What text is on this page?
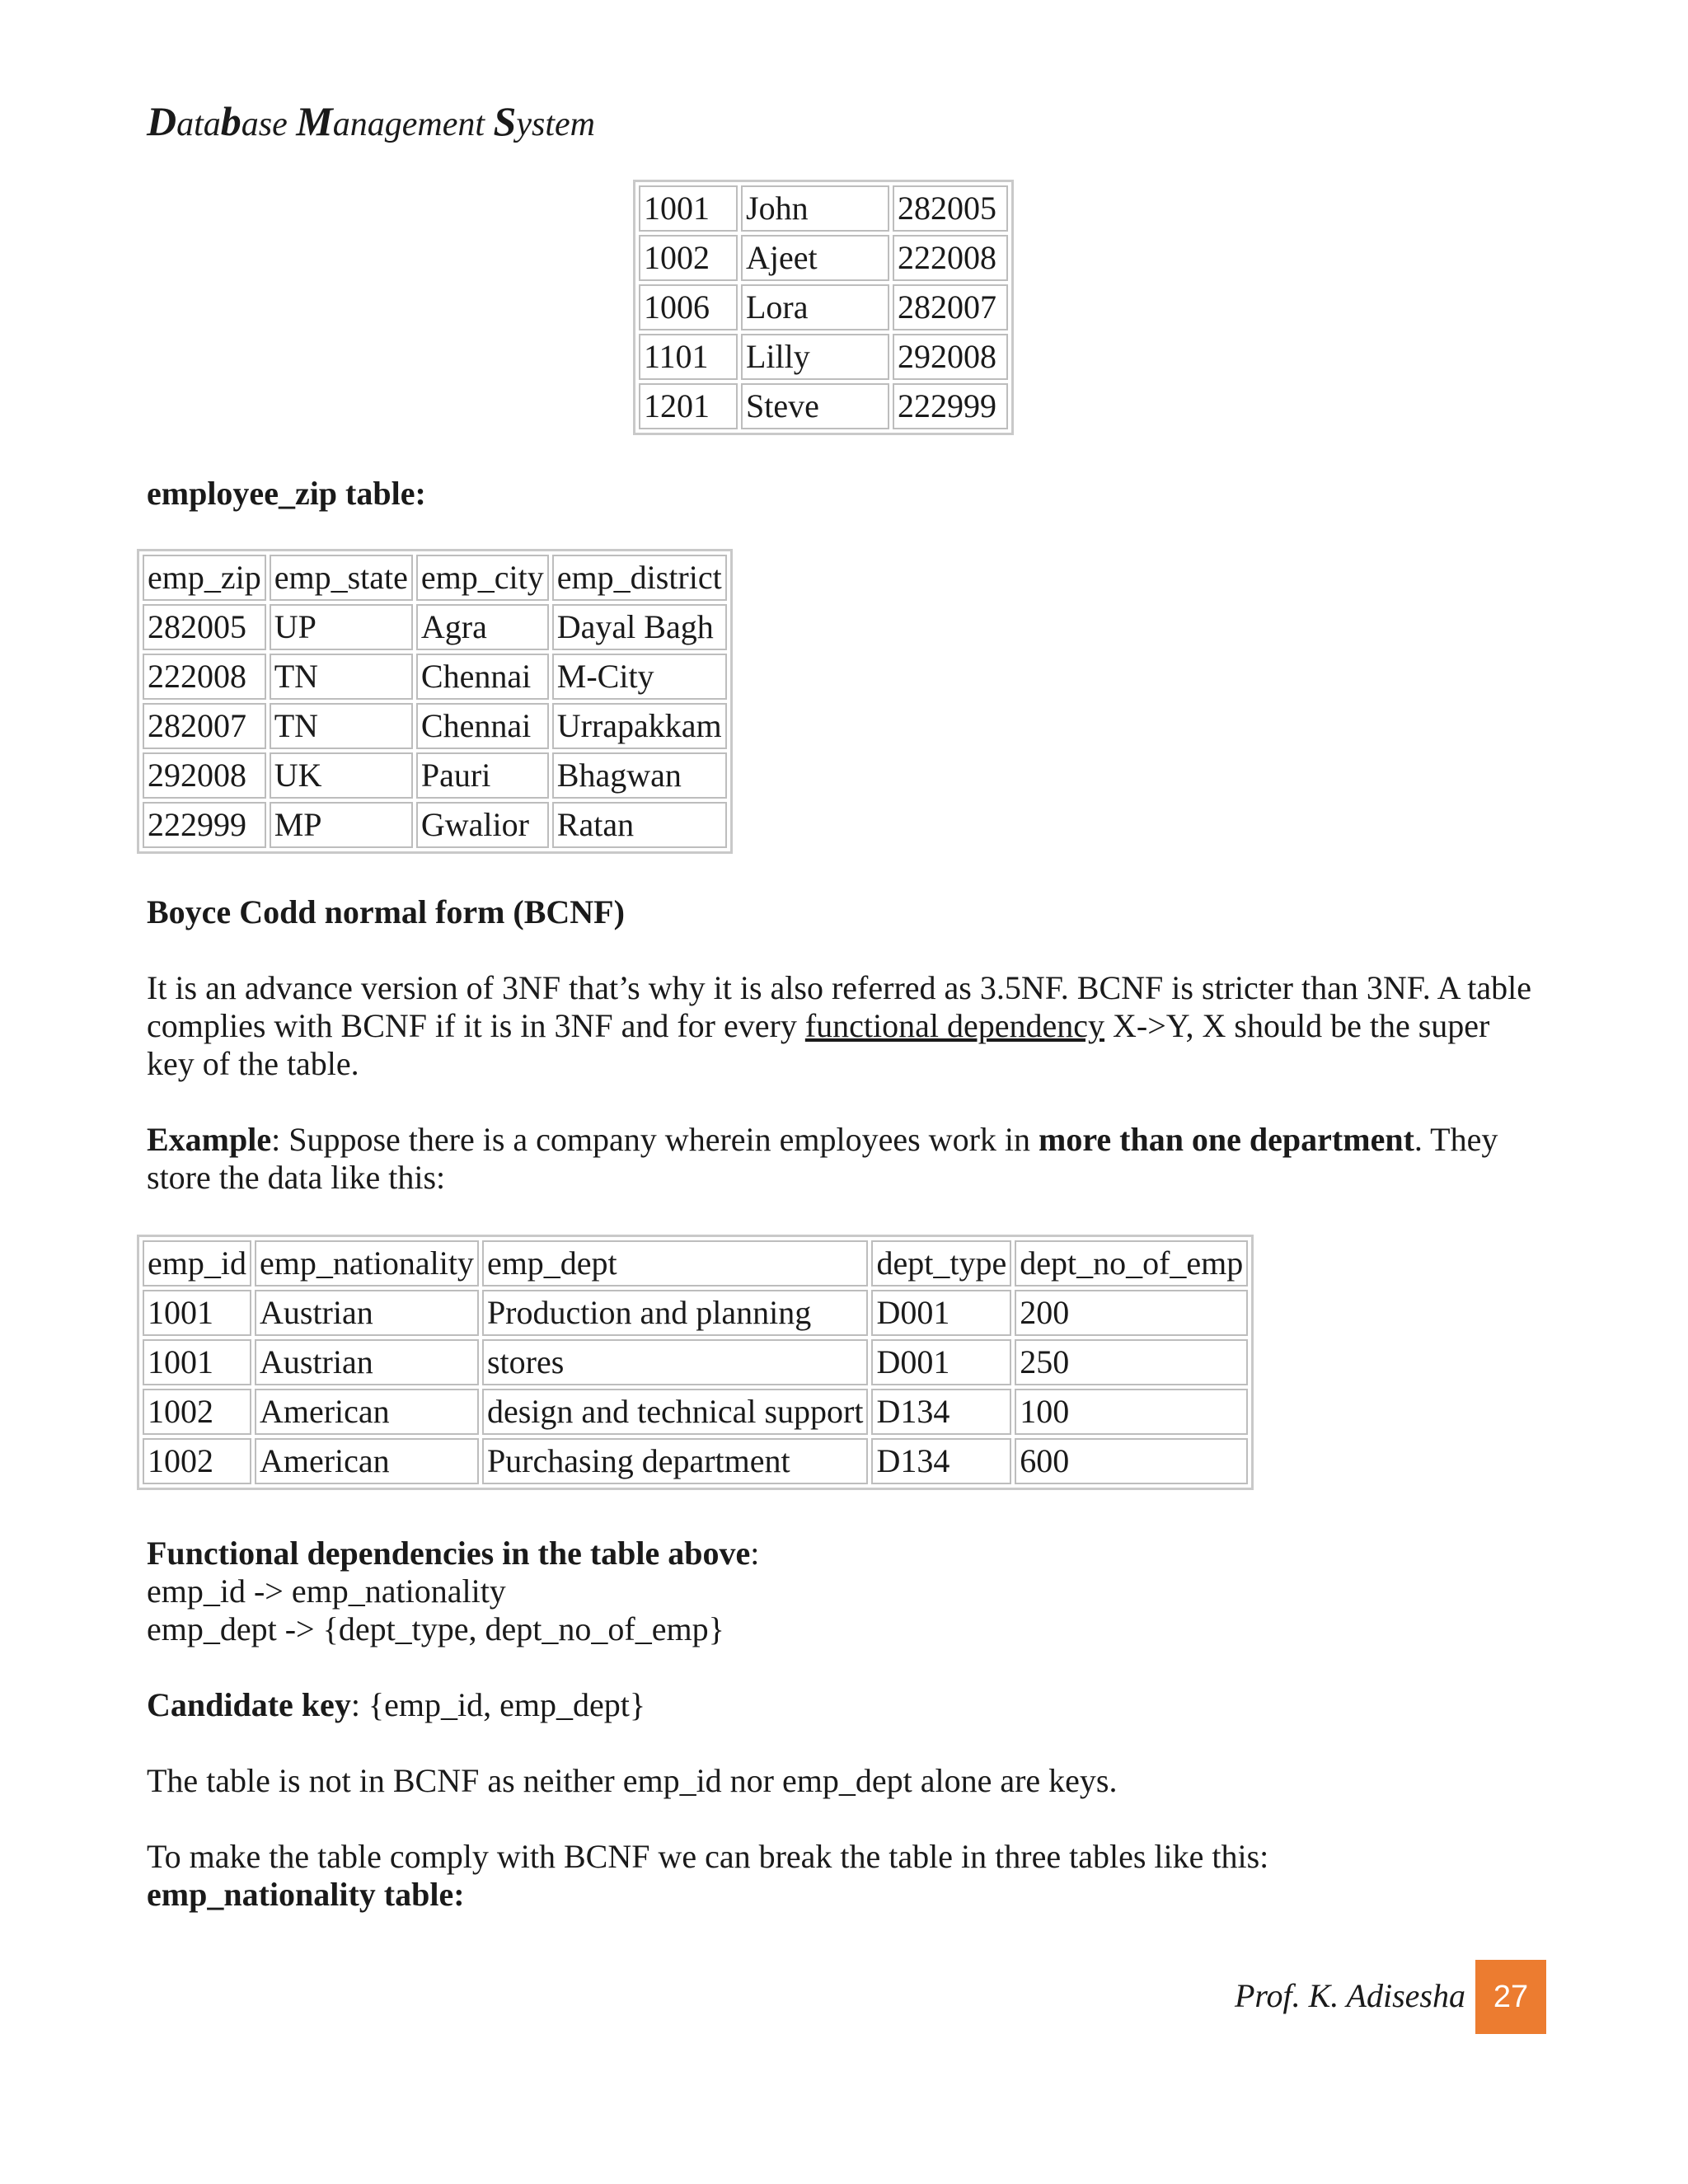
Database Management System
1001	John	282005
1002	Ajeet	222008
1006	Lora	282007
1101	Lilly	292008
1201	Steve	222999
employee_zip table:
emp_zip	emp_state	emp_city	emp_district
282005	UP	Agra	Dayal Bagh
222008	TN	Chennai	M-City
282007	TN	Chennai	Urrapakkam
292008	UK	Pauri	Bhagwan
222999	MP	Gwalior	Ratan
Boyce Codd normal form (BCNF)
It is an advance version of 3NF that’s why it is also referred as 3.5NF. BCNF is stricter than 3NF. A table complies with BCNF if it is in 3NF and for every functional dependency X->Y, X should be the super key of the table.
Example: Suppose there is a company wherein employees work in more than one department. They store the data like this:
emp_id	emp_nationality	emp_dept	dept_type	dept_no_of_emp
1001	Austrian	Production and planning	D001	200
1001	Austrian	stores	D001	250
1002	American	design and technical support	D134	100
1002	American	Purchasing department	D134	600
Functional dependencies in the table above:
emp_id -> emp_nationality
emp_dept -> {dept_type, dept_no_of_emp}
Candidate key: {emp_id, emp_dept}
The table is not in BCNF as neither emp_id nor emp_dept alone are keys.
To make the table comply with BCNF we can break the table in three tables like this:
emp_nationality table:
Prof. K. Adisesha 27
